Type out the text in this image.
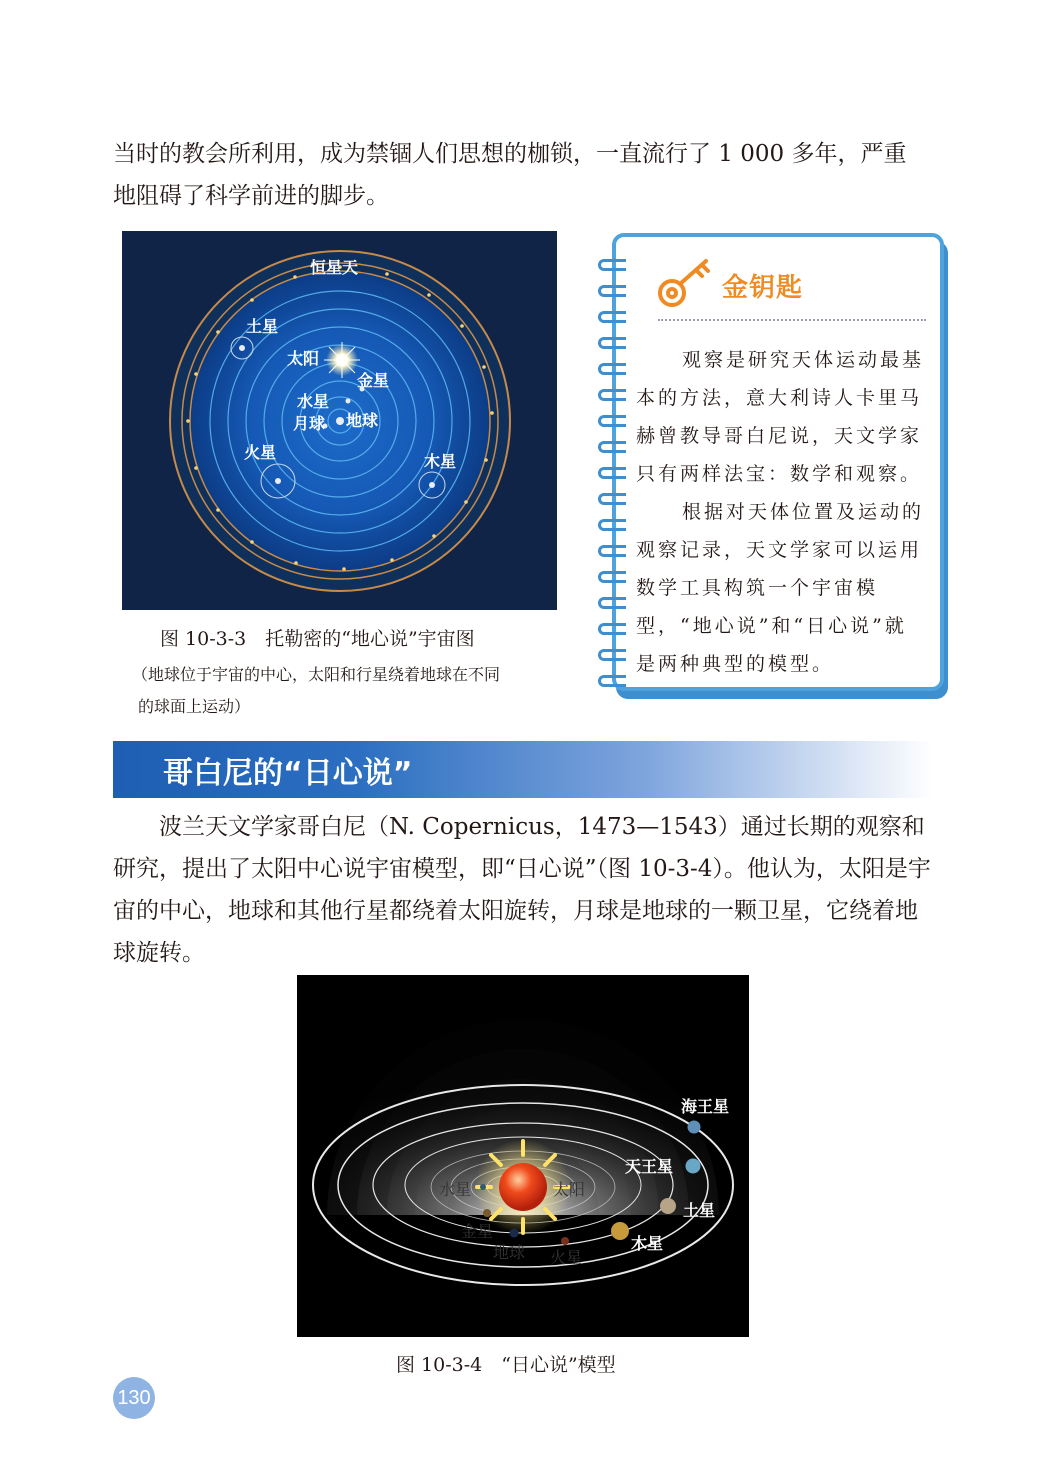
当时的教会所利用，成为禁锢人们思想的枷锁，一直流行了 1 000 多年，严重

地阻碍了科学前进的脚步。

恒星天
土星
太阳
金星
水星
月球 地球
火星	木星
图 10-3-3　托勒密的“地心说”宇宙图
（地球位于宇宙的中心，太阳和行星绕着地球在不同
的球面上运动）
金钥匙

观察是研究天体运动最基本的方法，意大利诗人卡里马赫曾教导哥白尼说，天文学家只有两样法宝：数学和观察。

根据对天体位置及运动的观察记录，天文学家可以运用数学工具构筑一个宇宙模型，“地心说”和“日心说”就是两种典型的模型。

哥白尼的“日心说”

波兰天文学家哥白尼（N. Copernicus，1473—1543）通过长期的观察和研究，提出了太阳中心说宇宙模型，即“日心说”（图 10-3-4）。他认为，太阳是宇宙的中心，地球和其他行星都绕着太阳旋转，月球是地球的一颗卫星，它绕着地球旋转。

海王星
天王星
土星
木星
水星	太阳
金星
地球 火星
图 10-3-4　“日心说”模型
130
